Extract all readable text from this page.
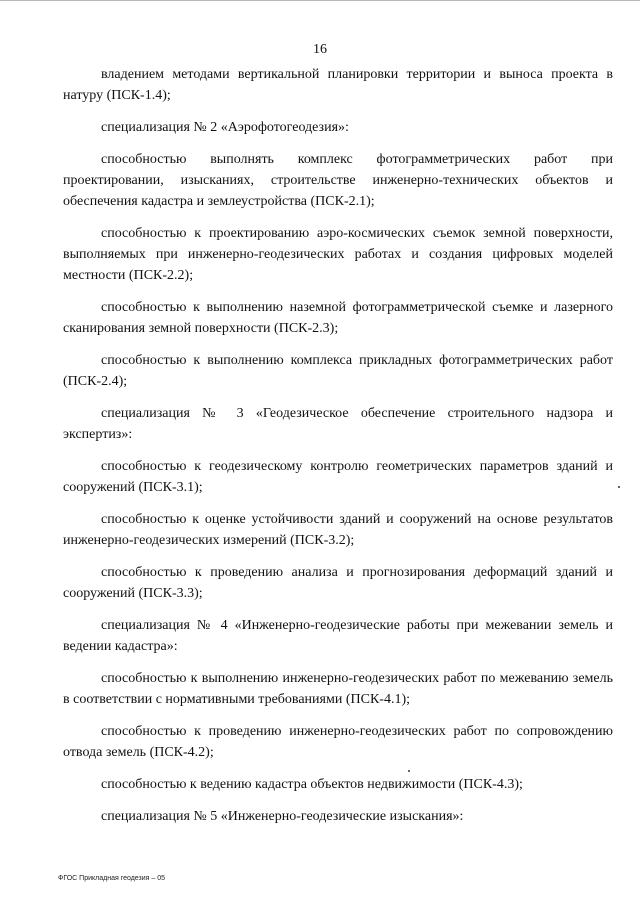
16

владением методами вертикальной планировки территории и выноса проекта в натуру (ПСК-1.4);

специализация № 2 «Аэрофотогеодезия»:

способностью выполнять комплекс фотограмметрических работ при проектировании, изысканиях, строительстве инженерно-технических объектов и обеспечения кадастра и землеустройства (ПСК-2.1);

способностью к проектированию аэро-космических съемок земной поверхности, выполняемых при инженерно-геодезических работах и создания цифровых моделей местности (ПСК-2.2);

способностью к выполнению наземной фотограмметрической съемке и лазерного сканирования земной поверхности (ПСК-2.3);

способностью к выполнению комплекса прикладных фотограмметрических работ (ПСК-2.4);

специализация № 3 «Геодезическое обеспечение строительного надзора и экспертиз»:

способностью к геодезическому контролю геометрических параметров зданий и сооружений (ПСК-3.1);

способностью к оценке устойчивости зданий и сооружений на основе результатов инженерно-геодезических измерений (ПСК-3.2);

способностью к проведению анализа и прогнозирования деформаций зданий и сооружений (ПСК-3.3);

специализация № 4 «Инженерно-геодезические работы при межевании земель и ведении кадастра»:

способностью к выполнению инженерно-геодезических работ по межеванию земель в соответствии с нормативными требованиями (ПСК-4.1);

способностью к проведению инженерно-геодезических работ по сопровождению отвода земель (ПСК-4.2);

способностью к ведению кадастра объектов недвижимости (ПСК-4.3);

специализация № 5 «Инженерно-геодезические изыскания»:

ФГОС Прикладная геодезия – 05
